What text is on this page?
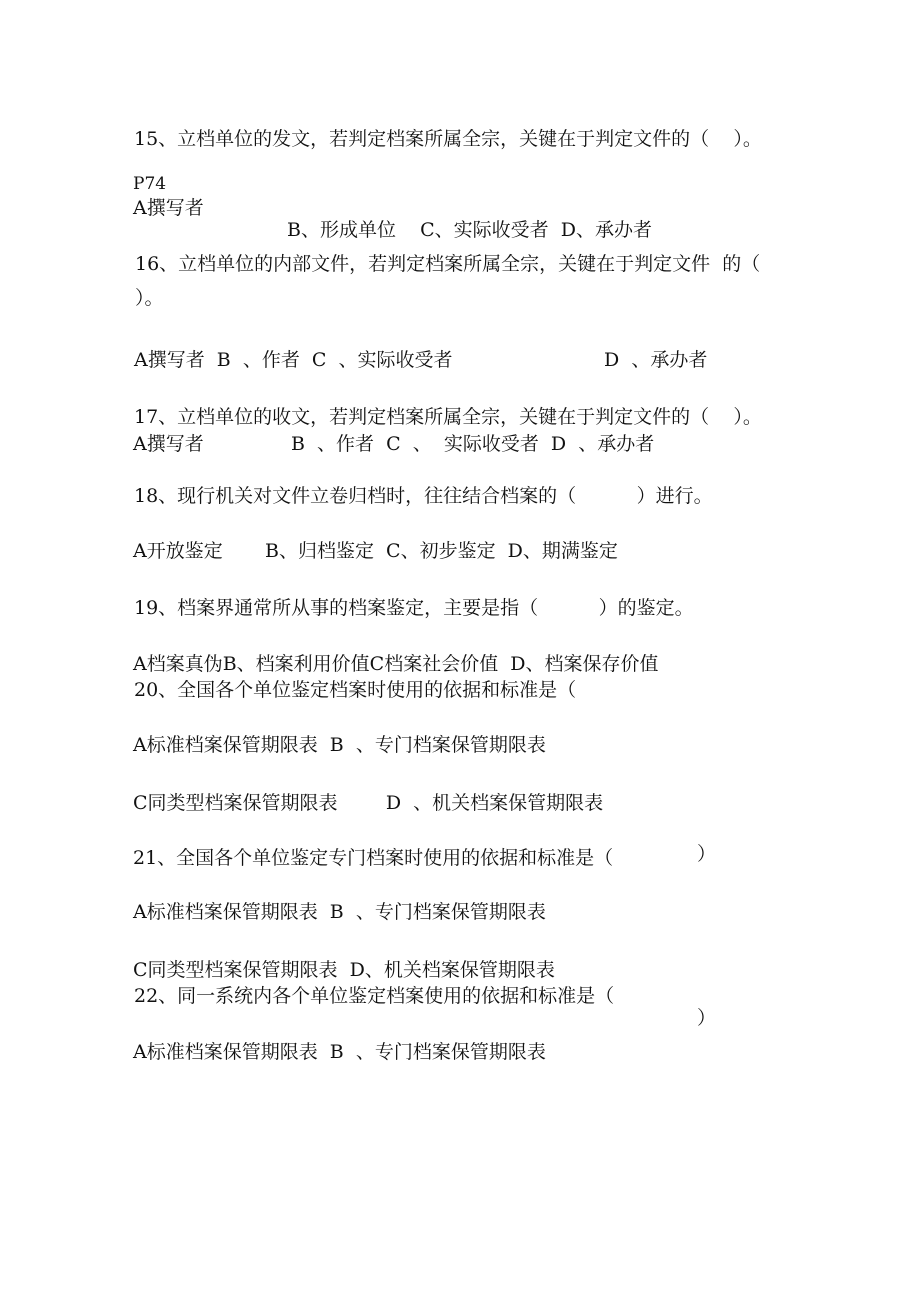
15、立档单位的发文，若判定档案所属全宗，关键在于判定文件的（    ）。
P74
A撰写者
B、形成单位    C、实际收受者  D、承办者
16、立档单位的内部文件，若判定档案所属全宗，关键在于判定文件  的（
）。
A撰写者  B  、作者  C  、实际收受者	D  、承办者
17、立档单位的收文，若判定档案所属全宗，关键在于判定文件的（    ）。
A撰写者	B  、作者  C  、  实际收受者  D  、承办者
18、现行机关对文件立卷归档时，往往结合档案的（          ）进行。
A开放鉴定       B、归档鉴定  C、初步鉴定  D、期满鉴定
19、档案界通常所从事的档案鉴定，主要是指（          ）的鉴定。
A档案真伪B、档案利用价值C档案社会价值  D、档案保存价值
20、全国各个单位鉴定档案时使用的依据和标准是（
A标准档案保管期限表  B  、专门档案保管期限表
C同类型档案保管期限表        D  、机关档案保管期限表
21、全国各个单位鉴定专门档案时使用的依据和标准是（	）
A标准档案保管期限表  B  、专门档案保管期限表
C同类型档案保管期限表  D、机关档案保管期限表
22、同一系统内各个单位鉴定档案使用的依据和标准是（
）
A标准档案保管期限表  B  、专门档案保管期限表
